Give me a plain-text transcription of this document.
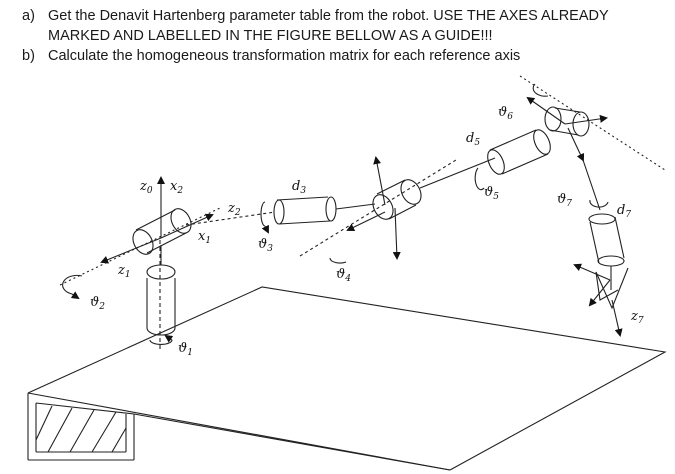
a) Get the Denavit Hartenberg parameter table from the robot. USE THE AXES ALREADY
MARKED AND LABELLED IN THE FIGURE BELLOW AS A GUIDE!!!
b) Calculate the homogeneous transformation matrix for each reference axis
$z_0$ $x_2$
$z_1$
$x_1$
$z_2$
$d_3$
$d_5$
$d_7$
$z_7$
$ϑ_1$
$ϑ_2$
$ϑ_3$
$ϑ_4$
$ϑ_5$
$ϑ_6$
$ϑ_7$
